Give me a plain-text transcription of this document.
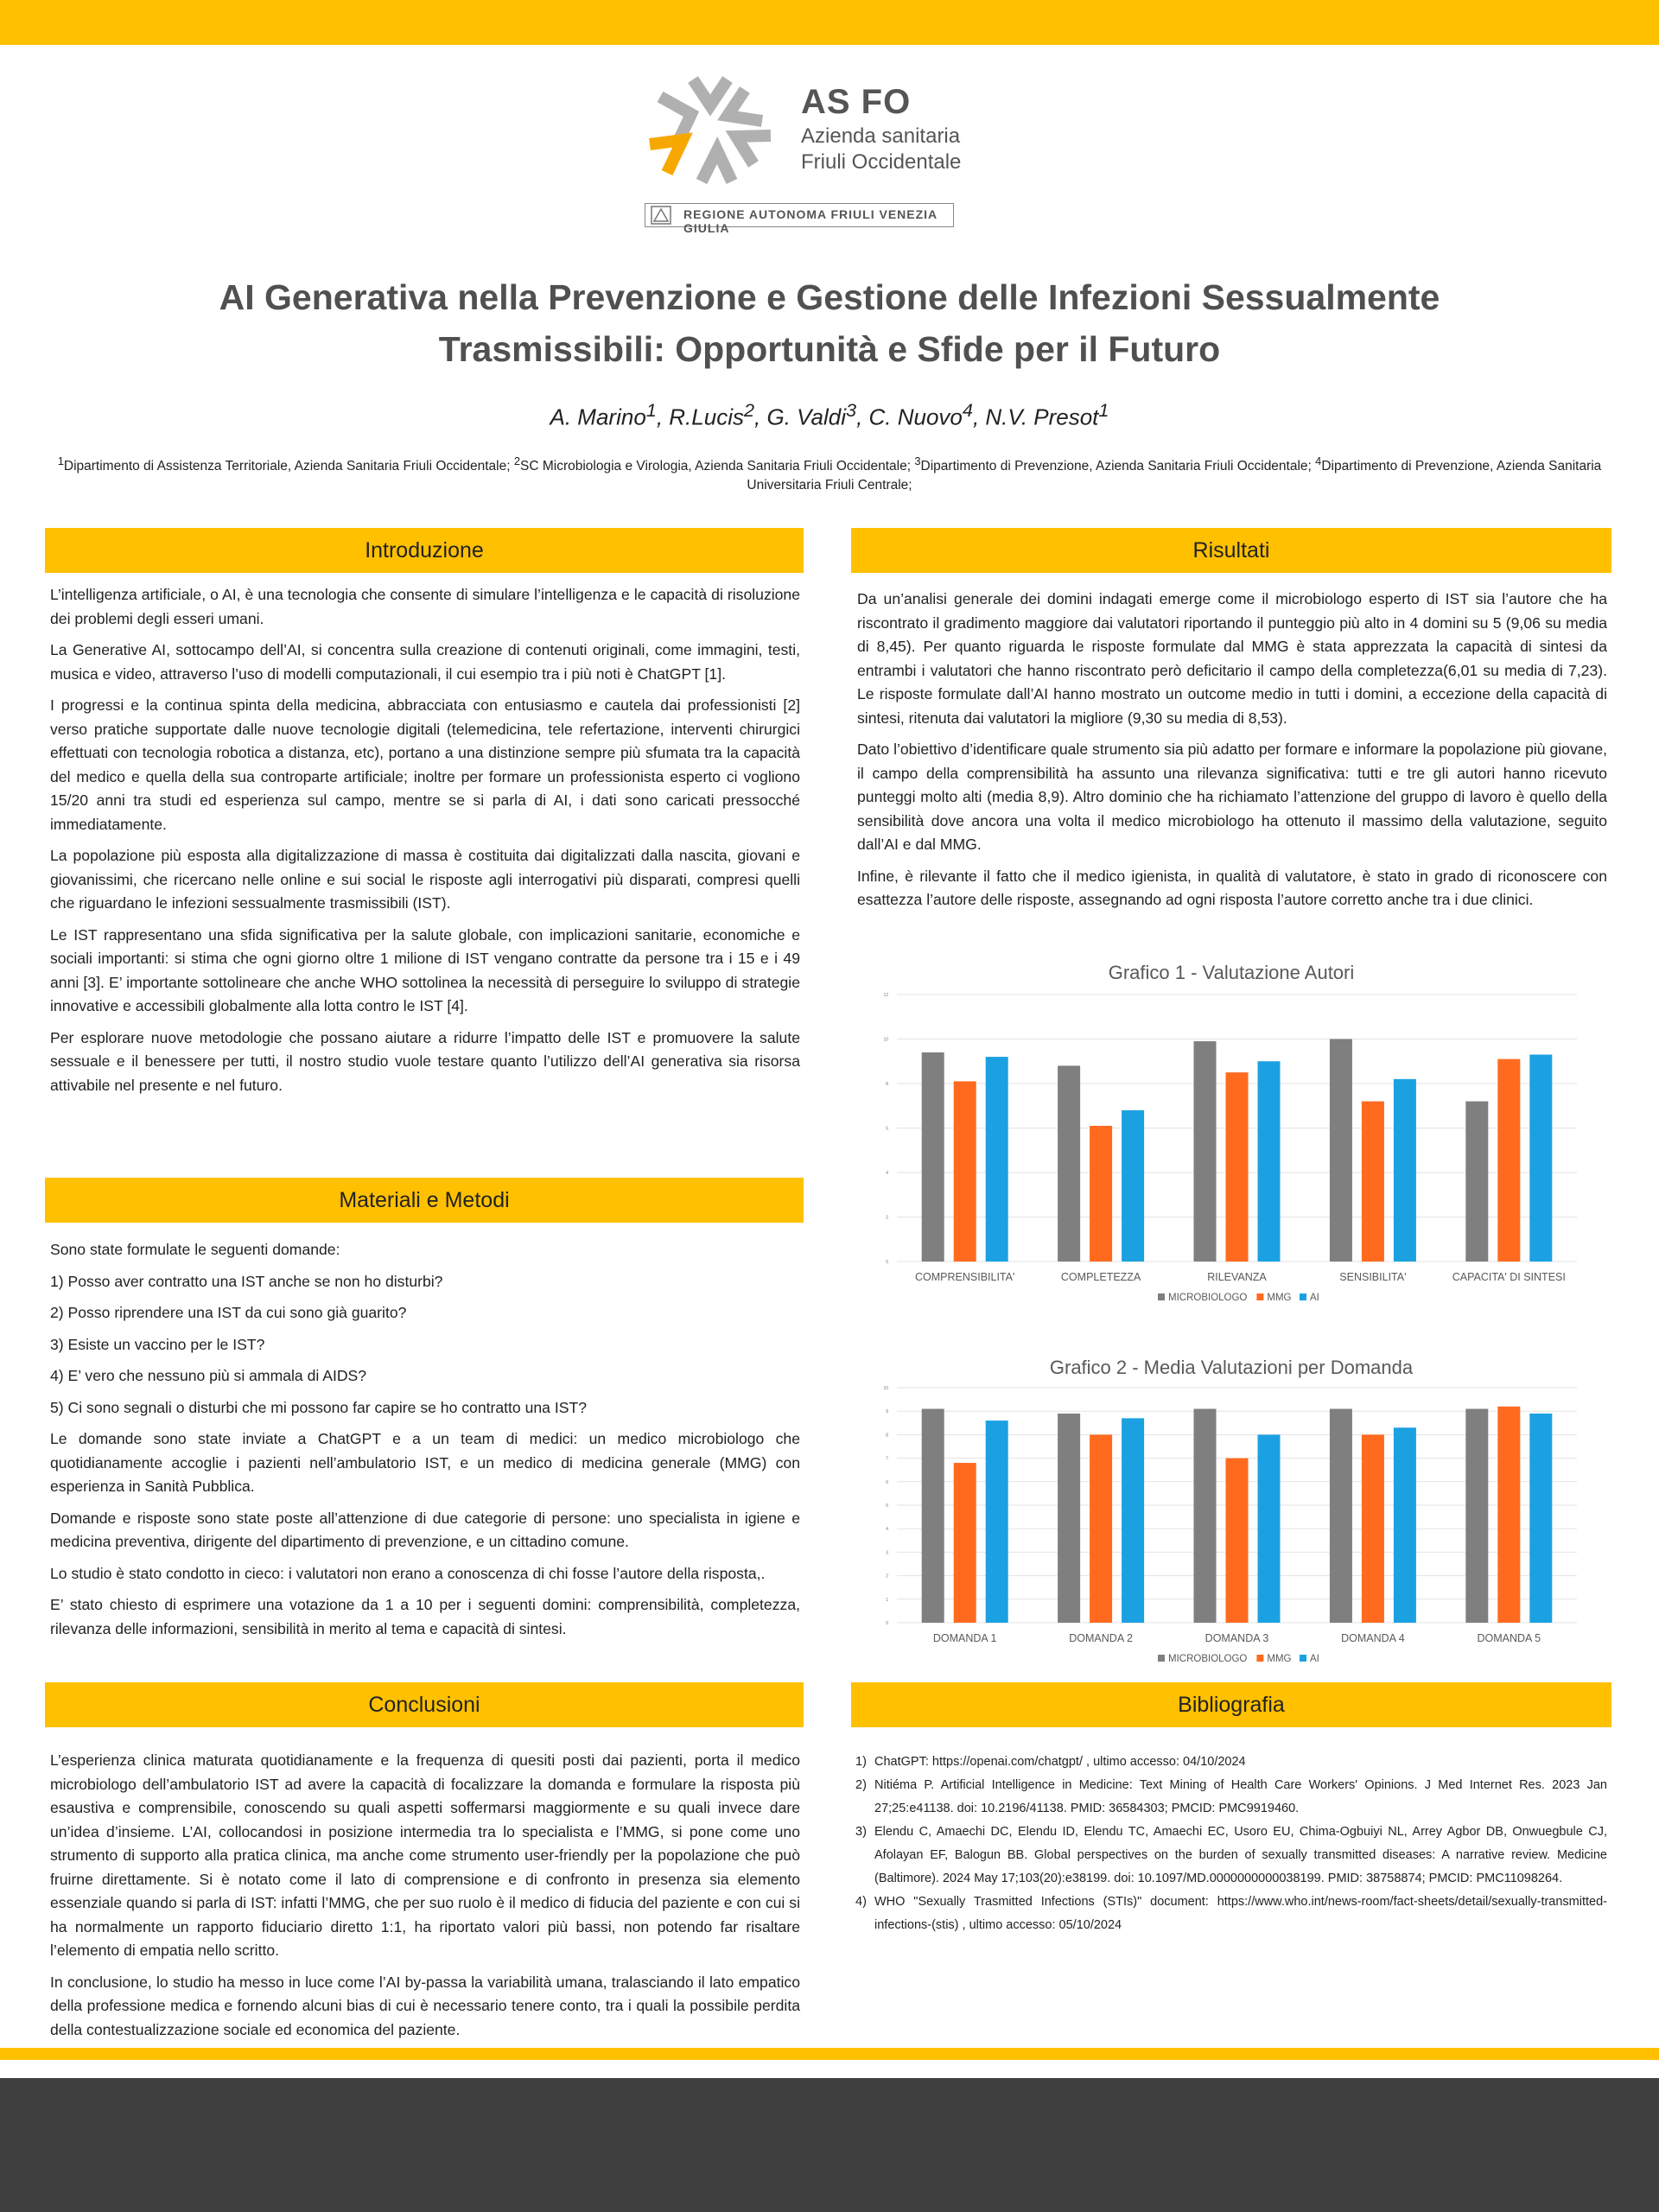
AS FO
Azienda sanitaria
Friuli Occidentale
REGIONE AUTONOMA FRIULI VENEZIA GIULIA
AI Generativa nella Prevenzione e Gestione delle Infezioni Sessualmente
Trasmissibili: Opportunità e Sfide per il Futuro
A. Marino$^1$, R.Lucis$^2$, G. Valdi$^3$, C. Nuovo$^4$, N.V. Presot$^1$
$^1$Dipartimento di Assistenza Territoriale, Azienda Sanitaria Friuli Occidentale; $^2$SC Microbiologia e Virologia, Azienda Sanitaria Friuli Occidentale; $^3$Dipartimento di Prevenzione, Azienda Sanitaria Friuli Occidentale; $^4$Dipartimento di Prevenzione, Azienda Sanitaria Universitaria Friuli Centrale;
Introduzione

L’intelligenza artificiale, o AI, è una tecnologia che consente di simulare l’intelligenza e le capacità di risoluzione dei problemi degli esseri umani.

La Generative AI, sottocampo dell’AI, si concentra sulla creazione di contenuti originali, come immagini, testi, musica e video, attraverso l’uso di modelli computazionali, il cui esempio tra i più noti è ChatGPT [1].

I progressi e la continua spinta della medicina, abbracciata con entusiasmo e cautela dai professionisti [2] verso pratiche supportate dalle nuove tecnologie digitali (telemedicina, tele refertazione, interventi chirurgici effettuati con tecnologia robotica a distanza, etc), portano a una distinzione sempre più sfumata tra la capacità del medico e quella della sua controparte artificiale; inoltre per formare un professionista esperto ci vogliono 15/20 anni tra studi ed esperienza sul campo, mentre se si parla di AI, i dati sono caricati pressocché immediatamente.

La popolazione più esposta alla digitalizzazione di massa è costituita dai digitalizzati dalla nascita, giovani e giovanissimi, che ricercano nelle online e sui social le risposte agli interrogativi più disparati, compresi quelli che riguardano le infezioni sessualmente trasmissibili (IST).

Le IST rappresentano una sfida significativa per la salute globale, con implicazioni sanitarie, economiche e sociali importanti: si stima che ogni giorno oltre 1 milione di IST vengano contratte da persone tra i 15 e i 49 anni [3]. E’ importante sottolineare che anche WHO sottolinea la necessità di perseguire lo sviluppo di strategie innovative e accessibili globalmente alla lotta contro le IST [4].

Per esplorare nuove metodologie che possano aiutare a ridurre l’impatto delle IST e promuovere la salute sessuale e il benessere per tutti, il nostro studio vuole testare quanto l’utilizzo dell’AI generativa sia risorsa attivabile nel presente e nel futuro.

Materiali e Metodi

Sono state formulate le seguenti domande:

1) Posso aver contratto una IST anche se non ho disturbi?

2) Posso riprendere una IST da cui sono già guarito?

3) Esiste un vaccino per le IST?

4) E’ vero che nessuno più si ammala di AIDS?

5) Ci sono segnali o disturbi che mi possono far capire se ho contratto una IST?

Le domande sono state inviate a ChatGPT e a un team di medici: un medico microbiologo che quotidianamente accoglie i pazienti nell’ambulatorio IST, e un medico di medicina generale (MMG) con esperienza in Sanità Pubblica.

Domande e risposte sono state poste all’attenzione di due categorie di persone: uno specialista in igiene e medicina preventiva, dirigente del dipartimento di prevenzione, e un cittadino comune.

Lo studio è stato condotto in cieco: i valutatori non erano a conoscenza di chi fosse l’autore della risposta,.

E’ stato chiesto di esprimere una votazione da 1 a 10 per i seguenti domini: comprensibilità, completezza, rilevanza delle informazioni, sensibilità in merito al tema e capacità di sintesi.

Conclusioni

L’esperienza clinica maturata quotidianamente e la frequenza di quesiti posti dai pazienti, porta il medico microbiologo dell’ambulatorio IST ad avere la capacità di focalizzare la domanda e formulare la risposta più esaustiva e comprensibile, conoscendo su quali aspetti soffermarsi maggiormente e su quali invece dare un’idea d’insieme. L’AI, collocandosi in posizione intermedia tra lo specialista e l’MMG, si pone come uno strumento di supporto alla pratica clinica, ma anche come strumento user-friendly per la popolazione che può fruirne direttamente. Si è notato come il lato di comprensione e di confronto in presenza sia elemento essenziale quando si parla di IST: infatti l’MMG, che per suo ruolo è il medico di fiducia del paziente e con cui si ha normalmente un rapporto fiduciario diretto 1:1, ha riportato valori più bassi, non potendo far risaltare l’elemento di empatia nello scritto.

In conclusione, lo studio ha messo in luce come l’AI by-passa la variabilità umana, tralasciando il lato empatico della professione medica e fornendo alcuni bias di cui è necessario tenere conto, tra i quali la possibile perdita della contestualizzazione sociale ed economica del paziente.

Risultati

Da un’analisi generale dei domini indagati emerge come il microbiologo esperto di IST sia l’autore che ha riscontrato il gradimento maggiore dai valutatori riportando il punteggio più alto in 4 domini su 5 (9,06 su media di 8,45). Per quanto riguarda le risposte formulate dal MMG è stata apprezzata la capacità di sintesi da entrambi i valutatori che hanno riscontrato però deficitario il campo della completezza(6,01 su media di 7,23). Le risposte formulate dall’AI hanno mostrato un outcome medio in tutti i domini, a eccezione della capacità di sintesi, ritenuta dai valutatori la migliore (9,30 su media di 8,53).

Dato l’obiettivo d’identificare quale strumento sia più adatto per formare e informare la popolazione più giovane, il campo della comprensibilità ha assunto una rilevanza significativa: tutti e tre gli autori hanno ricevuto punteggi molto alti (media 8,9). Altro dominio che ha richiamato l’attenzione del gruppo di lavoro è quello della sensibilità dove ancora una volta il medico microbiologo ha ottenuto il massimo della valutazione, seguito dall’AI e dal MMG.

Infine, è rilevante il fatto che il medico igienista, in qualità di valutatore, è stato in grado di riconoscere con esattezza l’autore delle risposte, assegnando ad ogni risposta l’autore corretto anche tra i due clinici.

Grafico 1 - Valutazione Autori
0
2
4
6
8
10
12
COMPRENSIBILITA'	COMPLETEZZA	RILEVANZA	SENSIBILITA'	CAPACITA' DI SINTESI
MICROBIOLOGO MMG AI
Grafico 2 - Media Valutazioni per Domanda
0
1
2
3
4
5
6
7
8
9
10
DOMANDA 1	DOMANDA 2	DOMANDA 3	DOMANDA 4	DOMANDA 5
MICROBIOLOGO MMG AI
Bibliografia
1) ChatGPT: https://openai.com/chatgpt/ , ultimo accesso: 04/10/2024
2) Nitiéma P. Artificial Intelligence in Medicine: Text Mining of Health Care Workers' Opinions. J Med Internet Res. 2023 Jan 27;25:e41138. doi: 10.2196/41138. PMID: 36584303; PMCID: PMC9919460.
3) Elendu C, Amaechi DC, Elendu ID, Elendu TC, Amaechi EC, Usoro EU, Chima-Ogbuiyi NL, Arrey Agbor DB, Onwuegbule CJ, Afolayan EF, Balogun BB. Global perspectives on the burden of sexually transmitted diseases: A narrative review. Medicine (Baltimore). 2024 May 17;103(20):e38199. doi: 10.1097/MD.0000000000038199. PMID: 38758874; PMCID: PMC11098264.
4) WHO "Sexually Trasmitted Infections (STIs)" document: https://www.who.int/news-room/fact-sheets/detail/sexually-transmitted-infections-(stis) , ultimo accesso: 05/10/2024
